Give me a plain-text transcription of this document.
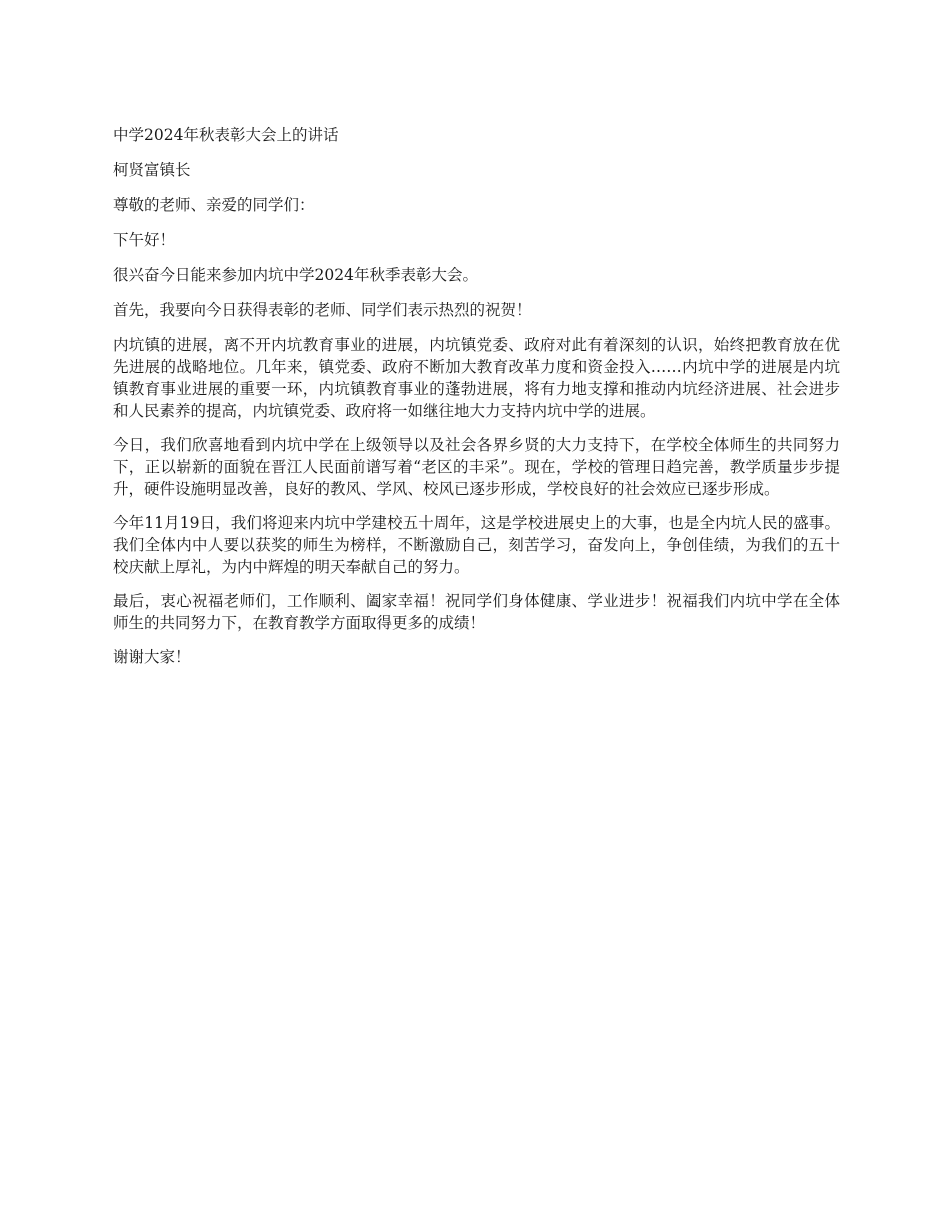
中学2024年秋表彰大会上的讲话

柯贤富镇长

尊敬的老师、亲爱的同学们：

下午好！

很兴奋今日能来参加内坑中学2024年秋季表彰大会。

首先，我要向今日获得表彰的老师、同学们表示热烈的祝贺！

内坑镇的进展，离不开内坑教育事业的进展，内坑镇党委、政府对此有着深刻的认识，始终把教育放在优先进展的战略地位。几年来，镇党委、政府不断加大教育改革力度和资金投入……内坑中学的进展是内坑镇教育事业进展的重要一环，内坑镇教育事业的蓬勃进展，将有力地支撑和推动内坑经济进展、社会进步和人民素养的提高，内坑镇党委、政府将一如继往地大力支持内坑中学的进展。

今日，我们欣喜地看到内坑中学在上级领导以及社会各界乡贤的大力支持下，在学校全体师生的共同努力下，正以崭新的面貌在晋江人民面前谱写着“老区的丰采”。现在，学校的管理日趋完善，教学质量步步提升，硬件设施明显改善，良好的教风、学风、校风已逐步形成，学校良好的社会效应已逐步形成。

今年11月19日，我们将迎来内坑中学建校五十周年，这是学校进展史上的大事，也是全内坑人民的盛事。我们全体内中人要以获奖的师生为榜样，不断激励自己，刻苦学习，奋发向上，争创佳绩，为我们的五十校庆献上厚礼，为内中辉煌的明天奉献自己的努力。

最后，衷心祝福老师们，工作顺利、阖家幸福！祝同学们身体健康、学业进步！祝福我们内坑中学在全体师生的共同努力下，在教育教学方面取得更多的成绩！

谢谢大家！
